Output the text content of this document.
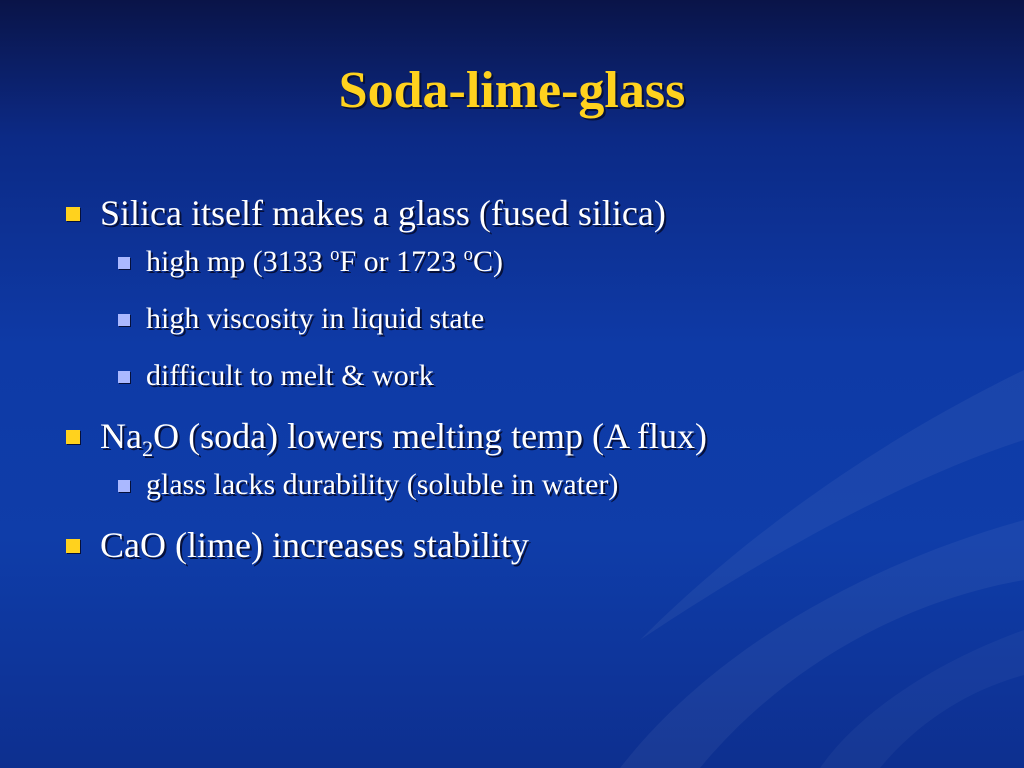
Soda-lime-glass
Silica itself makes a glass (fused silica)
high mp (3133 $^o$F or 1723 $^o$C)
high viscosity in liquid state
difficult to melt & work
$Na_2O$ (soda) lowers melting temp (A flux)
glass lacks durability (soluble in water)
CaO (lime) increases stability
